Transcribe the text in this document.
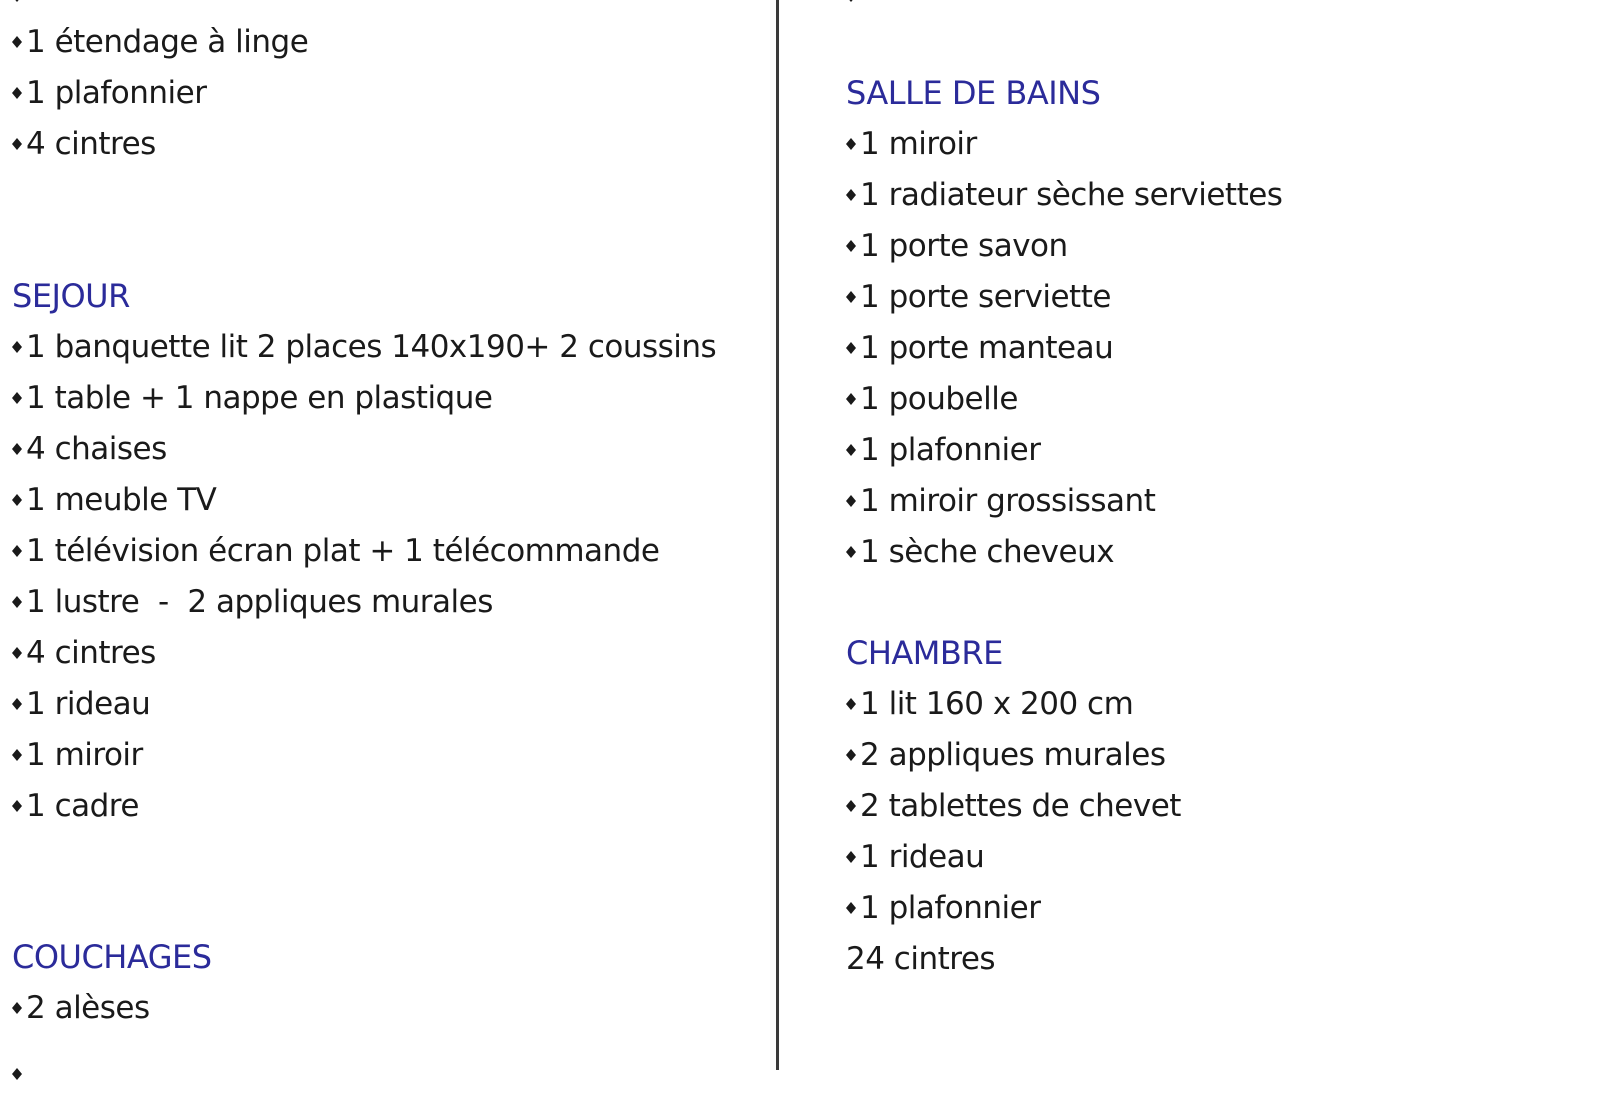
1 étendage à linge
1 plafonnier
4 cintres
SEJOUR
1 banquette lit 2 places 140x190+ 2 coussins
1 table + 1 nappe en plastique
4 chaises
1 meuble TV
1 télévision écran plat + 1 télécommande
1 lustre  -  2 appliques murales
4 cintres
1 rideau
1 miroir
1 cadre
COUCHAGES
2 alèses
SALLE DE BAINS
1 miroir
1 radiateur sèche serviettes
1 porte savon
1 porte serviette
1 porte manteau
1 poubelle
1 plafonnier
1 miroir grossissant
1 sèche cheveux
CHAMBRE
1 lit 160 x 200 cm
2 appliques murales
2 tablettes de chevet
1 rideau
1 plafonnier
24 cintres
